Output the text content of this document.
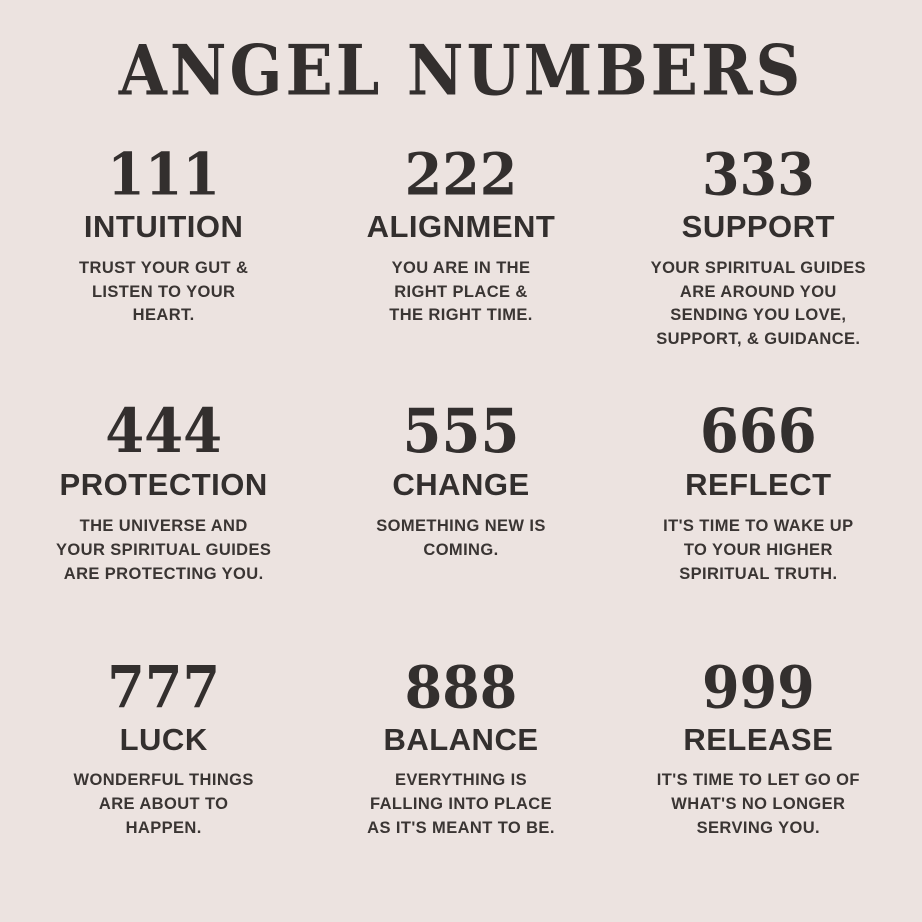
ANGEL NUMBERS
111
INTUITION
TRUST YOUR GUT &
LISTEN TO YOUR
HEART.
222
ALIGNMENT
YOU ARE IN THE
RIGHT PLACE &
THE RIGHT TIME.
333
SUPPORT
YOUR SPIRITUAL GUIDES
ARE AROUND YOU
SENDING YOU LOVE,
SUPPORT, & GUIDANCE.
444
PROTECTION
THE UNIVERSE AND
YOUR SPIRITUAL GUIDES
ARE PROTECTING YOU.
555
CHANGE
SOMETHING NEW IS
COMING.
666
REFLECT
IT'S TIME TO WAKE UP
TO YOUR HIGHER
SPIRITUAL TRUTH.
777
LUCK
WONDERFUL THINGS
ARE ABOUT TO
HAPPEN.
888
BALANCE
EVERYTHING IS
FALLING INTO PLACE
AS IT'S MEANT TO BE.
999
RELEASE
IT'S TIME TO LET GO OF
WHAT'S NO LONGER
SERVING YOU.
